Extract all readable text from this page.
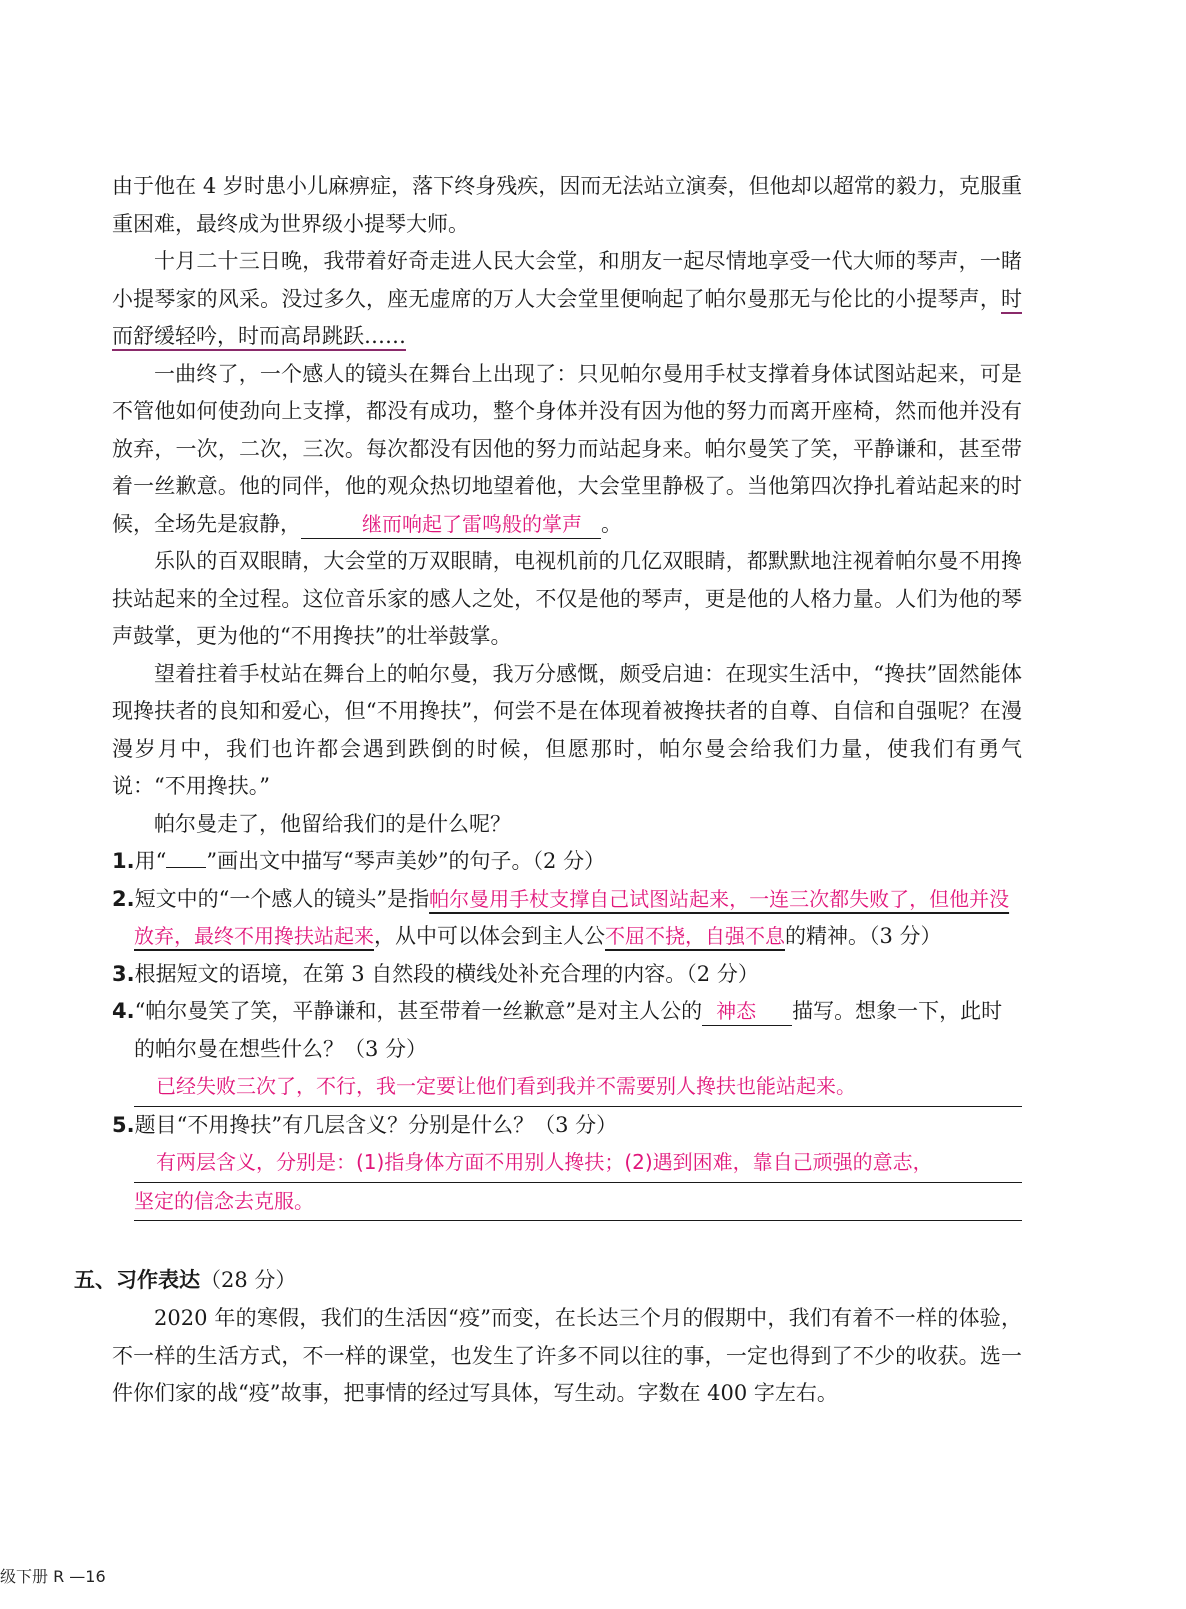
由于他在 4 岁时患小儿麻痹症，落下终身残疾，因而无法站立演奏，但他却以超常的毅力，克服重重困难，最终成为世界级小提琴大师。

十月二十三日晚，我带着好奇走进人民大会堂，和朋友一起尽情地享受一代大师的琴声，一睹小提琴家的风采。没过多久，座无虚席的万人大会堂里便响起了帕尔曼那无与伦比的小提琴声，时而舒缓轻吟，时而高昂跳跃……

一曲终了，一个感人的镜头在舞台上出现了：只见帕尔曼用手杖支撑着身体试图站起来，可是不管他如何使劲向上支撑，都没有成功，整个身体并没有因为他的努力而离开座椅，然而他并没有放弃，一次，二次，三次。每次都没有因他的努力而站起身来。帕尔曼笑了笑，平静谦和，甚至带着一丝歉意。他的同伴，他的观众热切地望着他，大会堂里静极了。当他第四次挣扎着站起来的时候，全场先是寂静，	继而响起了雷鸣般的掌声 。

乐队的百双眼睛，大会堂的万双眼睛，电视机前的几亿双眼睛，都默默地注视着帕尔曼不用搀扶站起来的全过程。这位音乐家的感人之处，不仅是他的琴声，更是他的人格力量。人们为他的琴声鼓掌，更为他的“不用搀扶”的壮举鼓掌。

望着拄着手杖站在舞台上的帕尔曼，我万分感慨，颇受启迪：在现实生活中，“搀扶”固然能体现搀扶者的良知和爱心，但“不用搀扶”，何尝不是在体现着被搀扶者的自尊、自信和自强呢？在漫漫岁月中，我们也许都会遇到跌倒的时候，但愿那时，帕尔曼会给我们力量，使我们有勇气说：“不用搀扶。”

帕尔曼走了，他留给我们的是什么呢？

1.用“ ”画出文中描写“琴声美妙”的句子。（2 分）

2.短文中的“一个感人的镜头”是指帕尔曼用手杖支撑自己试图站起来，一连三次都失败了，但他并没放弃，最终不用搀扶站起来，从中可以体会到主人公不屈不挠，自强不息的精神。（3 分）

3.根据短文的语境，在第 3 自然段的横线处补充合理的内容。（2 分）

4.“帕尔曼笑了笑，平静谦和，甚至带着一丝歉意”是对主人公的 神态 描写。想象一下，此时的帕尔曼在想些什么？（3 分）

已经失败三次了，不行，我一定要让他们看到我并不需要别人搀扶也能站起来。

5.题目“不用搀扶”有几层含义？分别是什么？（3 分）

有两层含义，分别是：(1)指身体方面不用别人搀扶；(2)遇到困难，靠自己顽强的意志，

坚定的信念去克服。

五、习作表达（28 分）

2020 年的寒假，我们的生活因“疫”而变，在长达三个月的假期中，我们有着不一样的体验，不一样的生活方式，不一样的课堂，也发生了许多不同以往的事，一定也得到了不少的收获。选一件你们家的战“疫”故事，把事情的经过写具体，写生动。字数在 400 字左右。

级下册 R —16
